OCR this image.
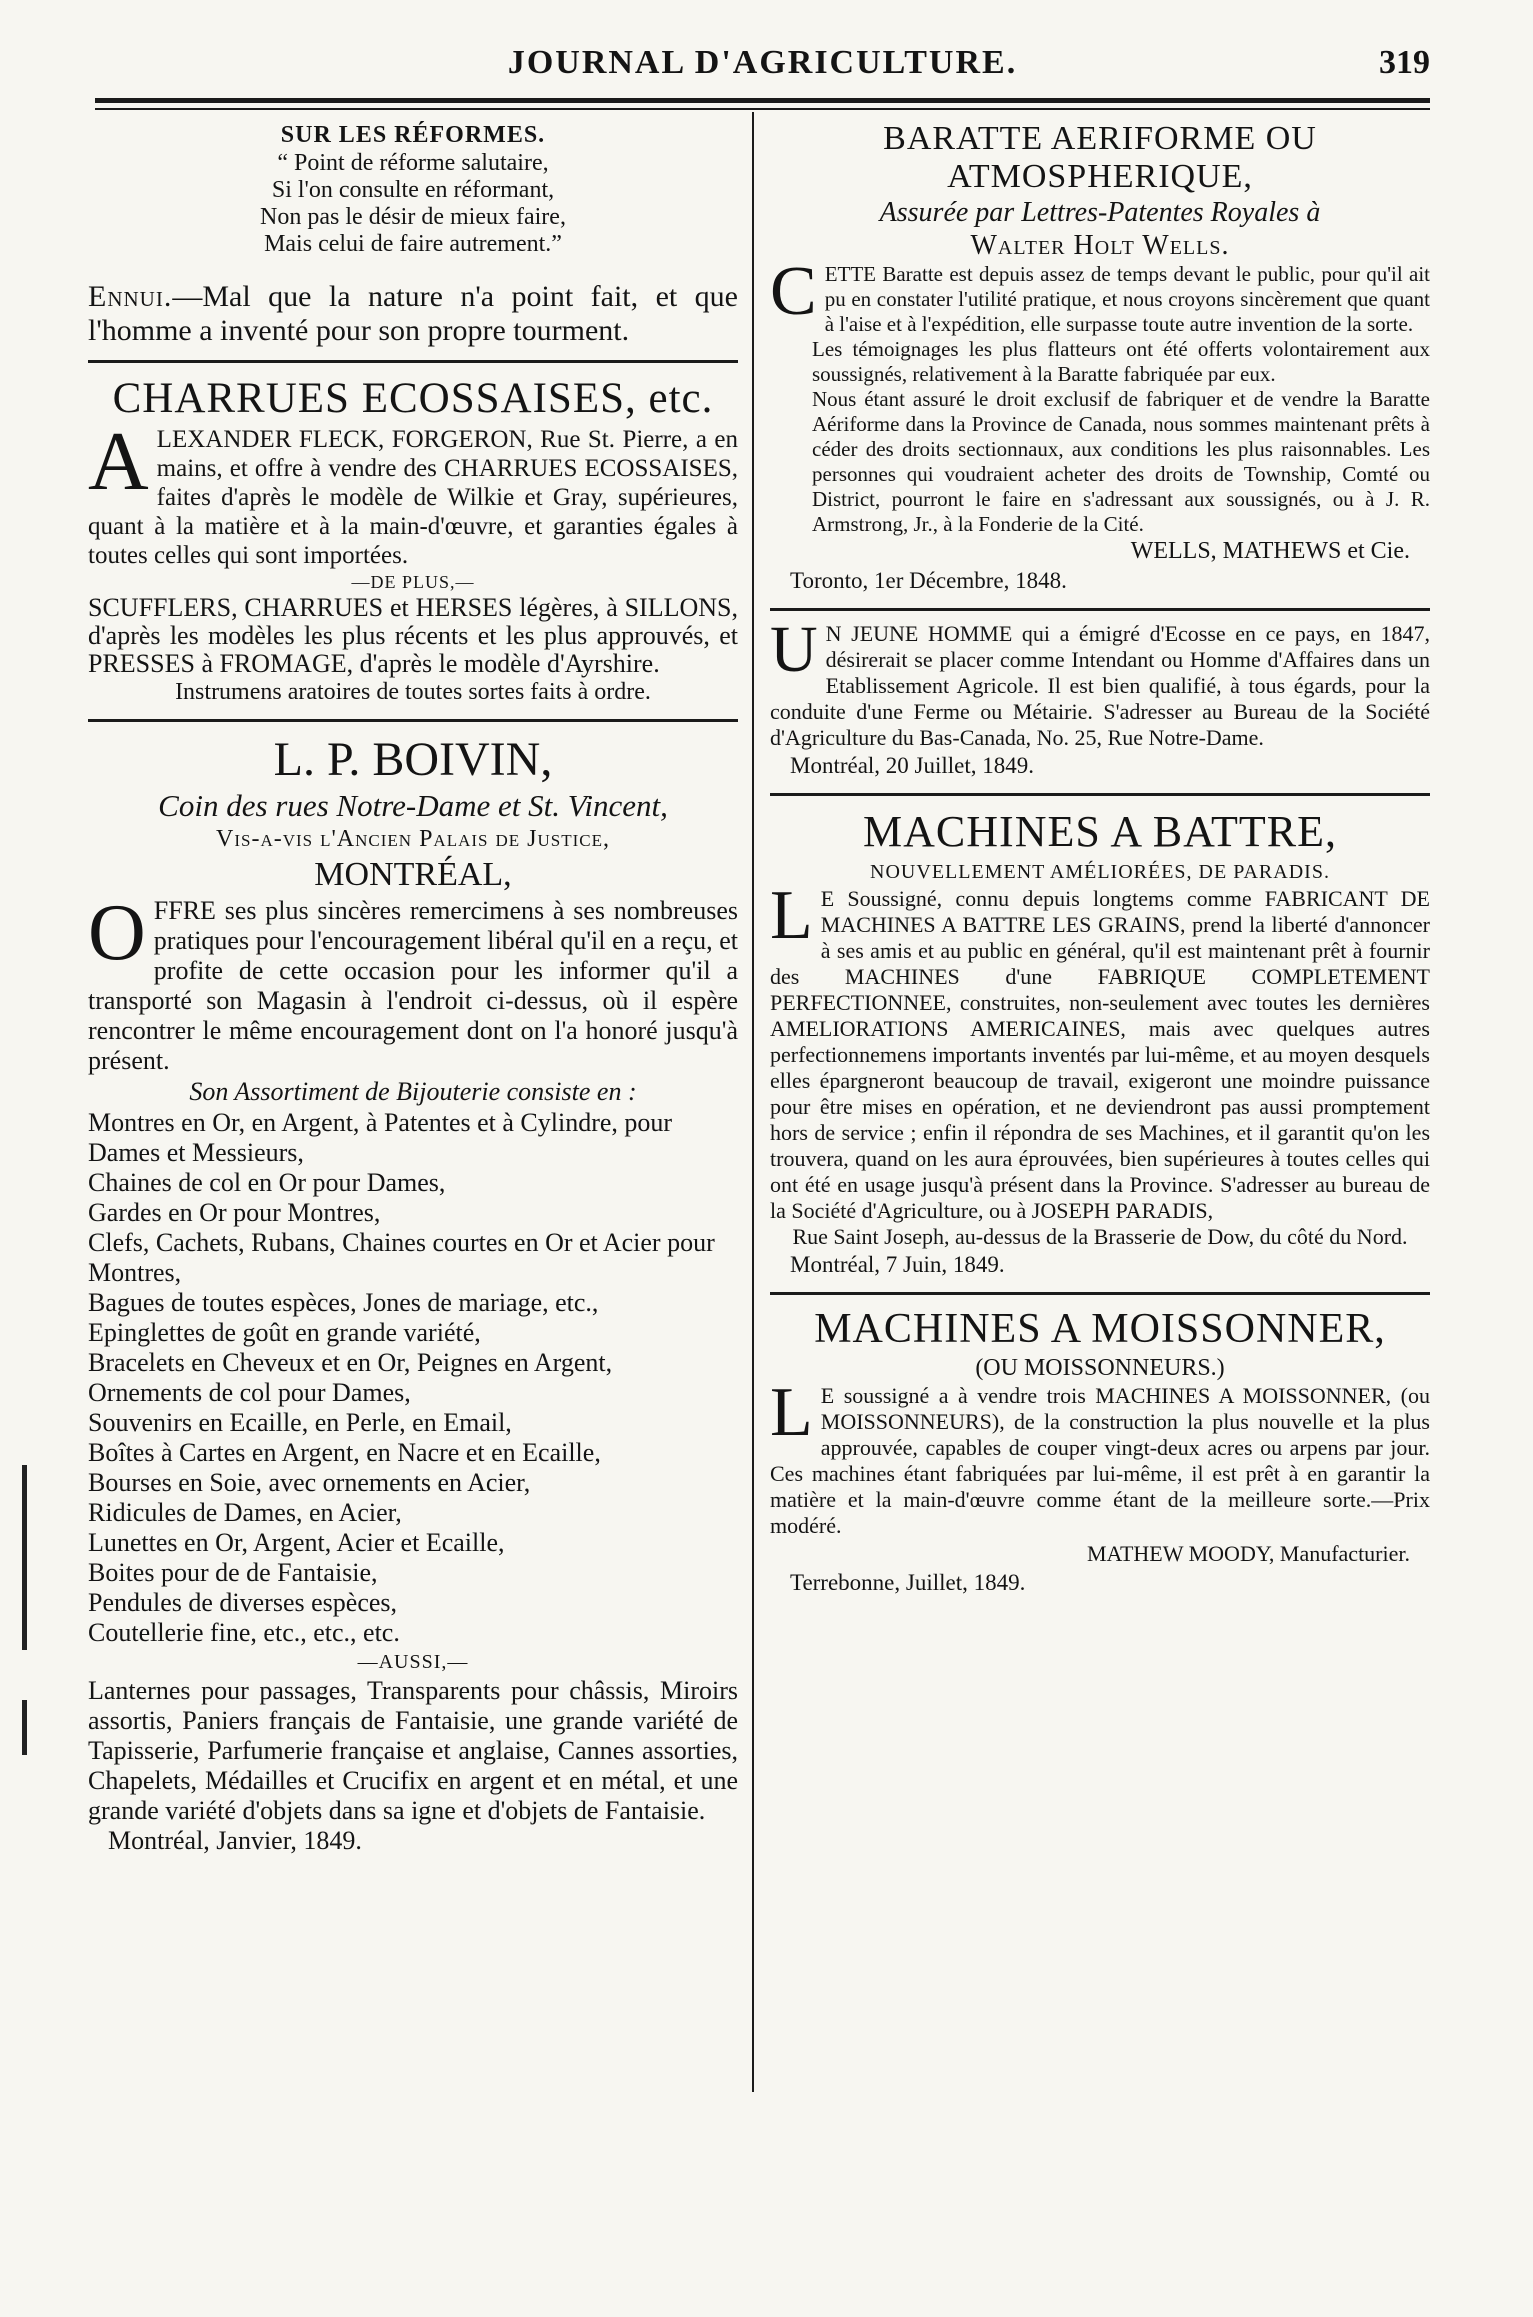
JOURNAL D'AGRICULTURE.	319
SUR LES RÉFORMES.
“ Point de réforme salutaire,
Si l'on consulte en réformant,
Non pas le désir de mieux faire,
Mais celui de faire autrement.”

Ennui.—Mal que la nature n'a point fait, et que l'homme a inventé pour son propre tourment.

CHARRUES ECOSSAISES, etc.

ALEXANDER FLECK, FORGERON, Rue St. Pierre, a en mains, et offre à vendre des CHARRUES ECOSSAISES, faites d'après le modèle de Wilkie et Gray, supérieures, quant à la matière et à la main-d'œuvre, et garanties égales à toutes celles qui sont importées.

—DE PLUS,—

SCUFFLERS, CHARRUES et HERSES légères, à SILLONS, d'après les modèles les plus récents et les plus approuvés, et PRESSES à FROMAGE, d'après le modèle d'Ayrshire.

Instrumens aratoires de toutes sortes faits à ordre.

L. P. BOIVIN,
Coin des rues Notre-Dame et St. Vincent,
Vis-a-vis l'Ancien Palais de Justice,
MONTRÉAL,

OFFRE ses plus sincères remercimens à ses nombreuses pratiques pour l'encouragement libéral qu'il en a reçu, et profite de cette occasion pour les informer qu'il a transporté son Magasin à l'endroit ci-dessus, où il espère rencontrer le même encouragement dont on l'a honoré jusqu'à présent.

Son Assortiment de Bijouterie consiste en :
Montres en Or, en Argent, à Patentes et à Cylindre, pour Dames et Messieurs,
Chaines de col en Or pour Dames,
Gardes en Or pour Montres,
Clefs, Cachets, Rubans, Chaines courtes en Or et Acier pour Montres,
Bagues de toutes espèces, Jones de mariage, etc.,
Epinglettes de goût en grande variété,
Bracelets en Cheveux et en Or, Peignes en Argent,
Ornements de col pour Dames,
Souvenirs en Ecaille, en Perle, en Email,
Boîtes à Cartes en Argent, en Nacre et en Ecaille,
Bourses en Soie, avec ornements en Acier,
Ridicules de Dames, en Acier,
Lunettes en Or, Argent, Acier et Ecaille,
Boites pour de de Fantaisie,
Pendules de diverses espèces,
Coutellerie fine, etc., etc., etc.
—AUSSI,—

Lanternes pour passages, Transparents pour châssis, Miroirs assortis, Paniers français de Fantaisie, une grande variété de Tapisserie, Parfumerie française et anglaise, Cannes assorties, Chapelets, Médailles et Crucifix en argent et en métal, et une grande variété d'objets dans sa igne et d'objets de Fantaisie.

Montréal, Janvier, 1849.
BARATTE AERIFORME OU ATMOSPHERIQUE,
Assurée par Lettres-Patentes Royales à
Walter Holt Wells.

CETTE Baratte est depuis assez de temps devant le public, pour qu'il ait pu en constater l'utilité pratique, et nous croyons sincèrement que quant à l'aise et à l'expédition, elle surpasse toute autre invention de la sorte.

Les témoignages les plus flatteurs ont été offerts volontairement aux soussignés, relativement à la Baratte fabriquée par eux.

Nous étant assuré le droit exclusif de fabriquer et de vendre la Baratte Aériforme dans la Province de Canada, nous sommes maintenant prêts à céder des droits sectionnaux, aux conditions les plus raisonnables. Les personnes qui voudraient acheter des droits de Township, Comté ou District, pourront le faire en s'adressant aux soussignés, ou à J. R. Armstrong, Jr., à la Fonderie de la Cité.

WELLS, MATHEWS et Cie.
Toronto, 1er Décembre, 1848.

U N JEUNE HOMME qui a émigré d'Ecosse en ce pays, en 1847, désirerait se placer comme Intendant ou Homme d'Affaires dans un Etablissement Agricole. Il est bien qualifié, à tous égards, pour la conduite d'une Ferme ou Métairie. S'adresser au Bureau de la Société d'Agriculture du Bas-Canada, No. 25, Rue Notre-Dame.

Montréal, 20 Juillet, 1849.
MACHINES A BATTRE,
NOUVELLEMENT AMÉLIORÉES, DE PARADIS.

L E Soussigné, connu depuis longtems comme FABRICANT DE MACHINES A BATTRE LES GRAINS, prend la liberté d'annoncer à ses amis et au public en général, qu'il est maintenant prêt à fournir des MACHINES d'une FABRIQUE COMPLETEMENT PERFECTIONNEE, construites, non-seulement avec toutes les dernières AMELIORATIONS AMERICAINES, mais avec quelques autres perfectionnemens importants inventés par lui-même, et au moyen desquels elles épargneront beaucoup de travail, exigeront une moindre puissance pour être mises en opération, et ne deviendront pas aussi promptement hors de service ; enfin il répondra de ses Machines, et il garantit qu'on les trouvera, quand on les aura éprouvées, bien supérieures à toutes celles qui ont été en usage jusqu'à présent dans la Province. S'adresser au bureau de la Société d'Agriculture, ou à JOSEPH PARADIS,

Rue Saint Joseph, au-dessus de la Brasserie de Dow, du côté du Nord.
Montréal, 7 Juin, 1849.
MACHINES A MOISSONNER,
(OU MOISSONNEURS.)

L E soussigné a à vendre trois MACHINES A MOISSONNER, (ou MOISSONNEURS), de la construction la plus nouvelle et la plus approuvée, capables de couper vingt-deux acres ou arpens par jour. Ces machines étant fabriquées par lui-même, il est prêt à en garantir la matière et la main-d'œuvre comme étant de la meilleure sorte.—Prix modéré.

MATHEW MOODY, Manufacturier.
Terrebonne, Juillet, 1849.
